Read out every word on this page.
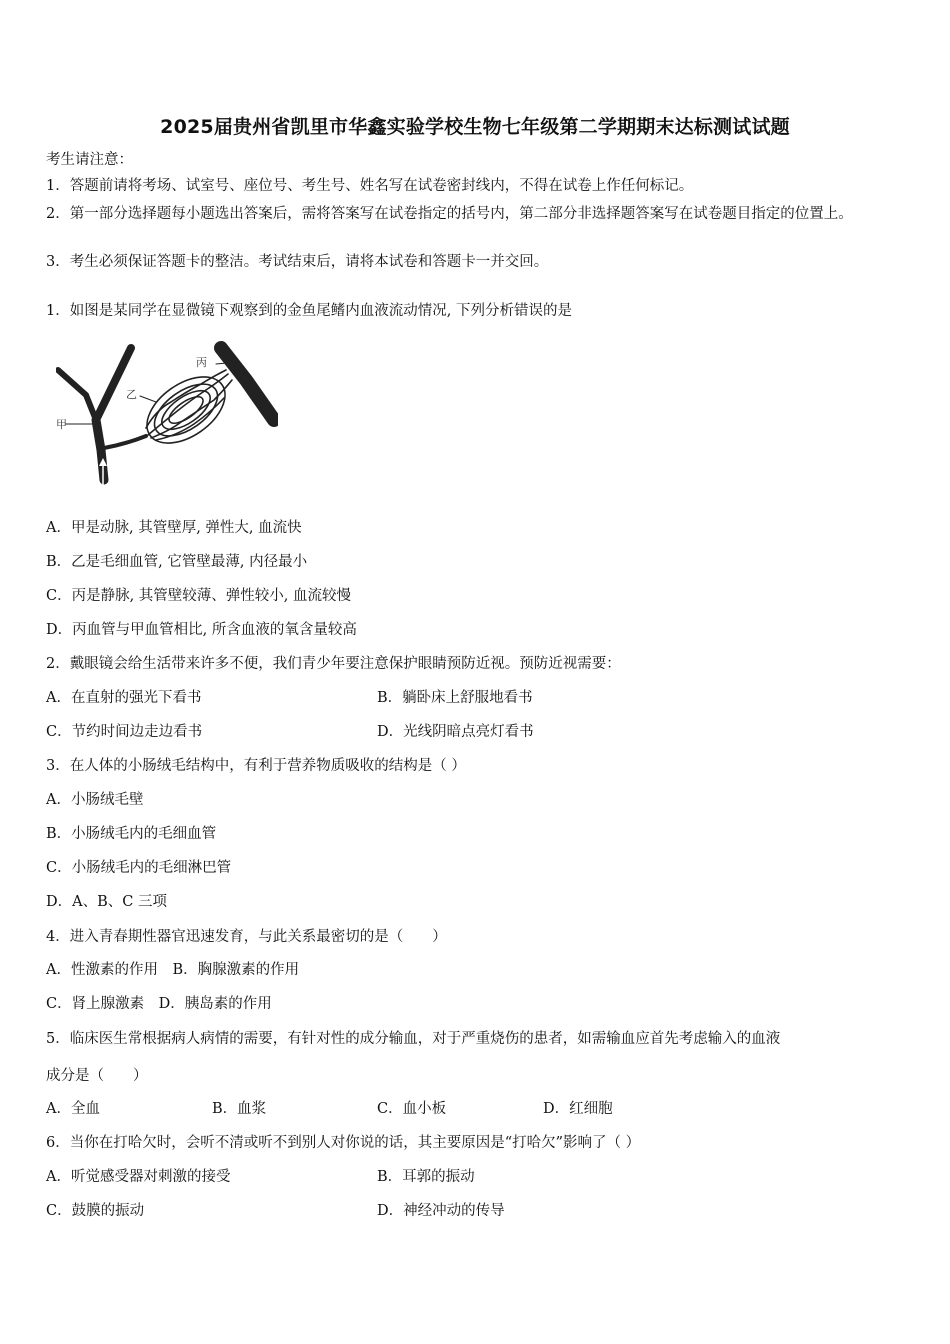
2025届贵州省凯里市华鑫实验学校生物七年级第二学期期末达标测试试题
考生请注意：
1．答题前请将考场、试室号、座位号、考生号、姓名写在试卷密封线内，不得在试卷上作任何标记。
2．第一部分选择题每小题选出答案后，需将答案写在试卷指定的括号内，第二部分非选择题答案写在试卷题目指定的位置上。
3．考生必须保证答题卡的整洁。考试结束后，请将本试卷和答题卡一并交回。
1．如图是某同学在显微镜下观察到的金鱼尾鳍内血液流动情况, 下列分析错误的是
甲
乙
丙
A．甲是动脉, 其管壁厚, 弹性大, 血流快
B．乙是毛细血管, 它管壁最薄, 内径最小
C．丙是静脉, 其管壁较薄、弹性较小, 血流较慢
D．丙血管与甲血管相比, 所含血液的氧含量较高
2．戴眼镜会给生活带来许多不便，我们青少年要注意保护眼睛预防近视。预防近视需要：
A．在直射的强光下看书	B．躺卧床上舒服地看书
C．节约时间边走边看书	D．光线阴暗点亮灯看书
3．在人体的小肠绒毛结构中，有利于营养物质吸收的结构是（ ）
A．小肠绒毛壁
B．小肠绒毛内的毛细血管
C．小肠绒毛内的毛细淋巴管
D．A、B、C 三项
4．进入青春期性器官迅速发育，与此关系最密切的是（　　）
A．性激素的作用　B．胸腺激素的作用
C．肾上腺激素　D．胰岛素的作用
5．临床医生常根据病人病情的需要，有针对性的成分输血，对于严重烧伤的患者，如需输血应首先考虑输入的血液
成分是（　　）
A．全血	B．血浆	C．血小板	D．红细胞
6．当你在打哈欠时，会听不清或听不到别人对你说的话，其主要原因是“打哈欠”影响了（ ）
A．听觉感受器对刺激的接受	B．耳郭的振动
C．鼓膜的振动	D．神经冲动的传导
